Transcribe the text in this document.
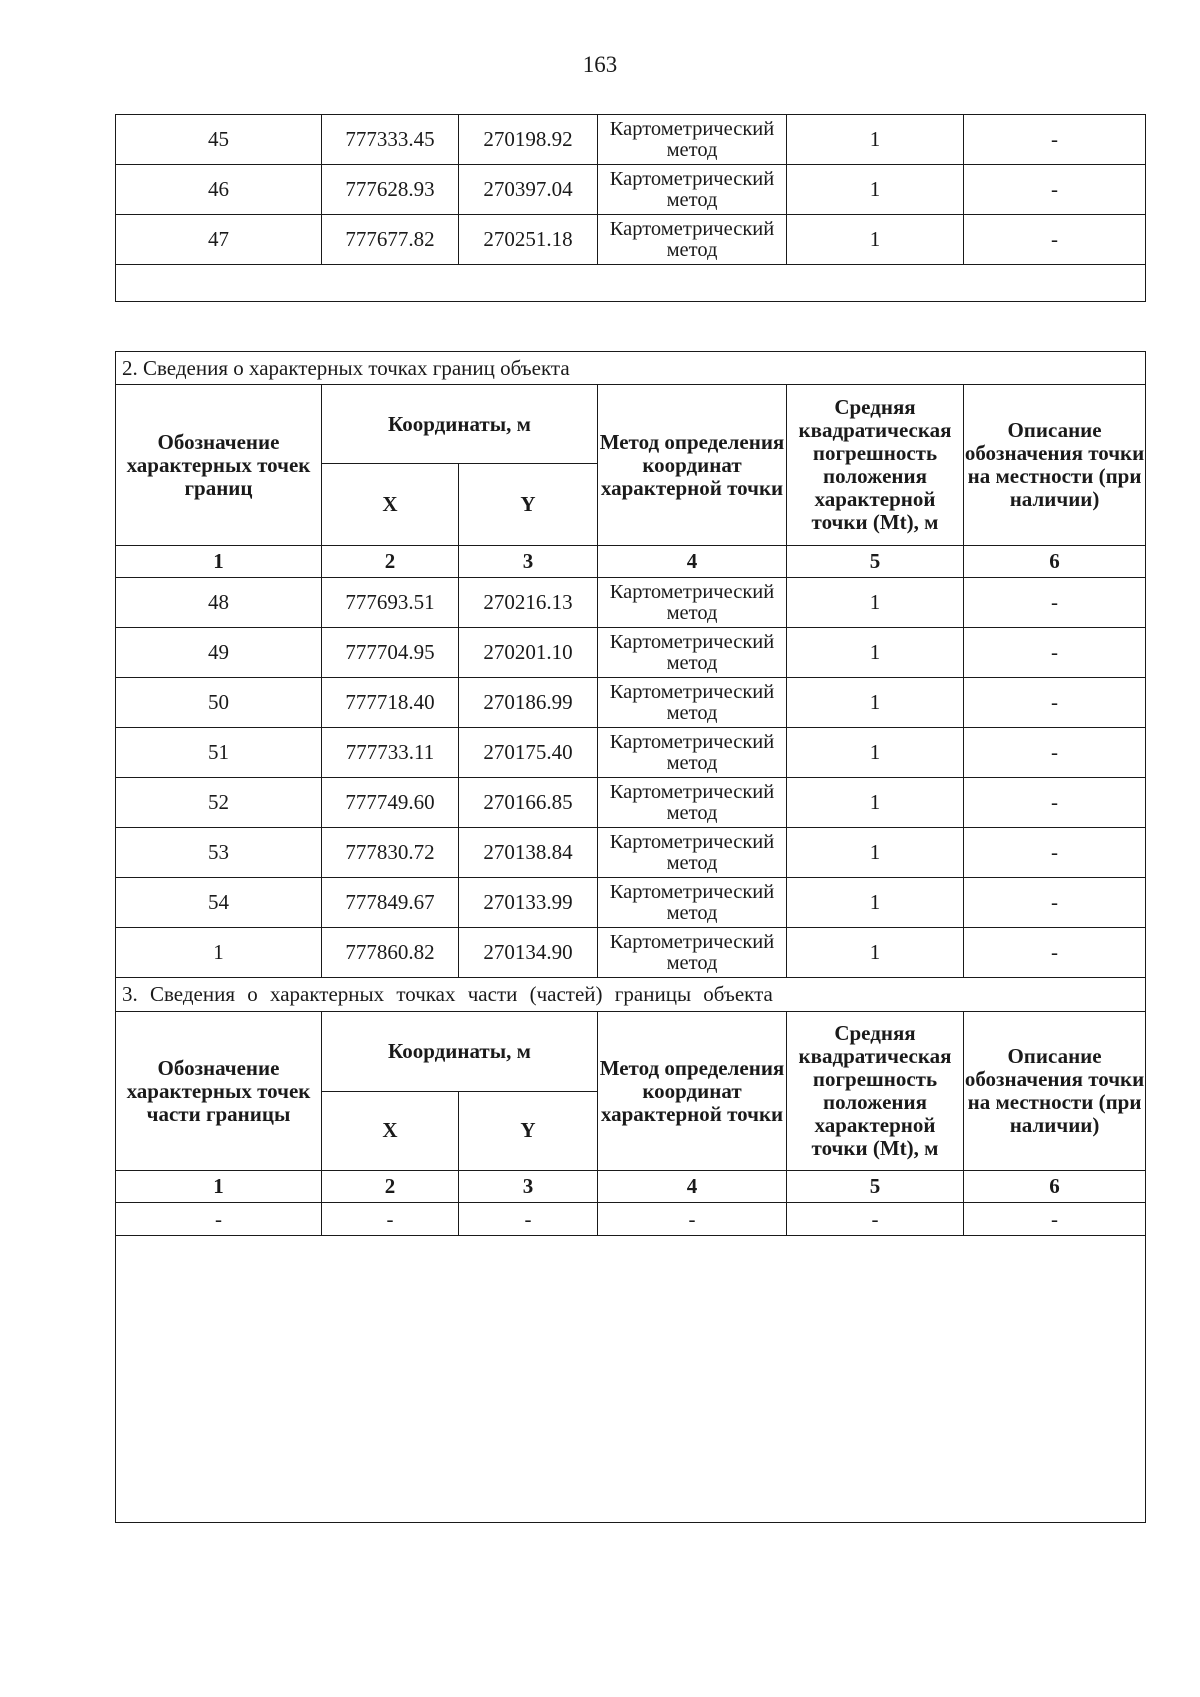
163
45	777333.45	270198.92	Картометрический метод	1	-
46	777628.93	270397.04	Картометрический метод	1	-
47	777677.82	270251.18	Картометрический метод	1	-

2. Сведения о характерных точках границ объекта					
Обозначение характерных точек границ	Координаты, м		Метод определения координат характерной точки	Средняя квадратическая погрешность положения характерной точки (Mt), м	Описание обозначения точки на местности (при наличии)
	X	Y			
1	2	3	4	5	6
48	777693.51	270216.13	Картометрический метод	1	-
49	777704.95	270201.10	Картометрический метод	1	-
50	777718.40	270186.99	Картометрический метод	1	-
51	777733.11	270175.40	Картометрический метод	1	-
52	777749.60	270166.85	Картометрический метод	1	-
53	777830.72	270138.84	Картометрический метод	1	-
54	777849.67	270133.99	Картометрический метод	1	-
1	777860.82	270134.90	Картометрический метод	1	-
3. Сведения о характерных точках части (частей) границы объекта					
Обозначение характерных точек части границы	Координаты, м		Метод определения координат характерной точки	Средняя квадратическая погрешность положения характерной точки (Mt), м	Описание обозначения точки на местности (при наличии)
	X	Y			
1	2	3	4	5	6
-	-	-	-	-	-
